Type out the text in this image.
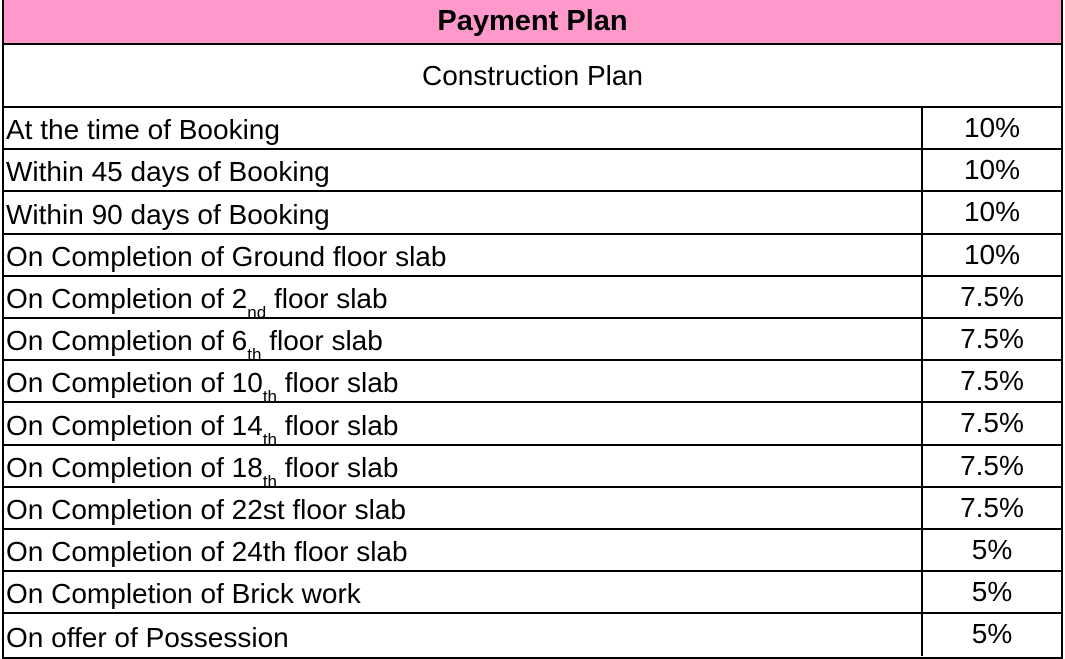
Payment Plan
Construction Plan
At the time of Booking	10%
Within 45 days of Booking	10%
Within 90 days of Booking	10%
On Completion of Ground floor slab	10%
On Completion of 2 nd floor slab	7.5%
On Completion of 6 th floor slab	7.5%
On Completion of 10 th floor slab	7.5%
On Completion of 14 th floor slab	7.5%
On Completion of 18 th floor slab	7.5%
On Completion of 22st floor slab	7.5%
On Completion of 24th floor slab	5%
On Completion of Brick work	5%
On offer of Possession	5%
